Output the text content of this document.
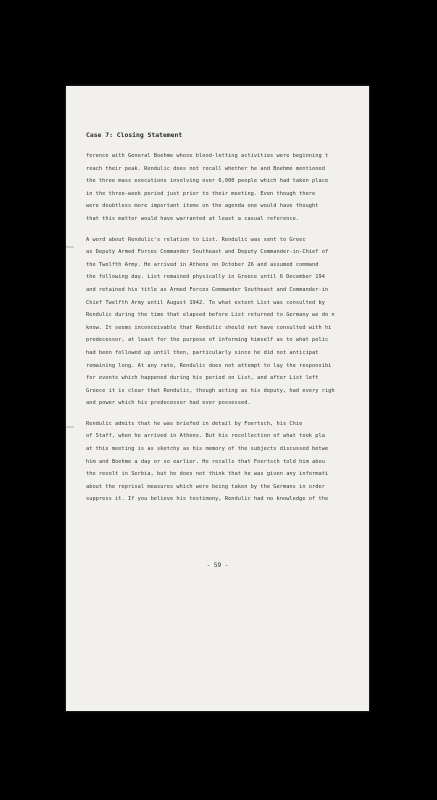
Case 7: Closing Statement
ference with General Boehme whose blood-letting activities were beginning t
reach their peak. Rendulic does not recall whether he and Boehme mentioned
the three mass executions involving over 6,000 people which had taken place
in the three-week period just prior to their meeting. Even though there
were doubtless more important items on the agenda one would have thought
that this matter would have warranted at least a casual reference.
A word about Rendulic's relation to List. Rendulic was sent to Greec
as Deputy Armed Forces Commander Southeast and Deputy Commander-in-Chief of
the Twelfth Army. He arrived in Athens on October 26 and assumed command
the following day. List remained physically in Greece until 6 December 194
and retained his title as Armed Forces Commander Southeast and Commander-in
Chief Twelfth Army until August 1942. To what extent List was consulted by
Rendulic during the time that elapsed before List returned to Germany we do n
know. It seems inconceivable that Rendulic should not have consulted with hi
predecessor, at least for the purpose of informing himself as to what polic
had been followed up until then, particularly since he did not anticipat
remaining long. At any rate, Rendulic does not attempt to lay the responsibi
for events which happened during his period on List, and after List left
Greece it is clear that Rendulic, though acting as his deputy, had every righ
and power which his predecessor had ever possessed.
Rendulic admits that he was briefed in detail by Foertsch, his Chie
of Staff, when he arrived in Athens. But his recollection of what took pla
at this meeting is as sketchy as his memory of the subjects discussed betwe
him and Boehme a day or so earlier. He recalls that Foertsch told him abou
the revolt in Serbia, but he does not think that he was given any informati
about the reprisal measures which were being taken by the Germans in order
suppress it. If you believe his testimony, Rendulic had no knowledge of the
- 59 -
